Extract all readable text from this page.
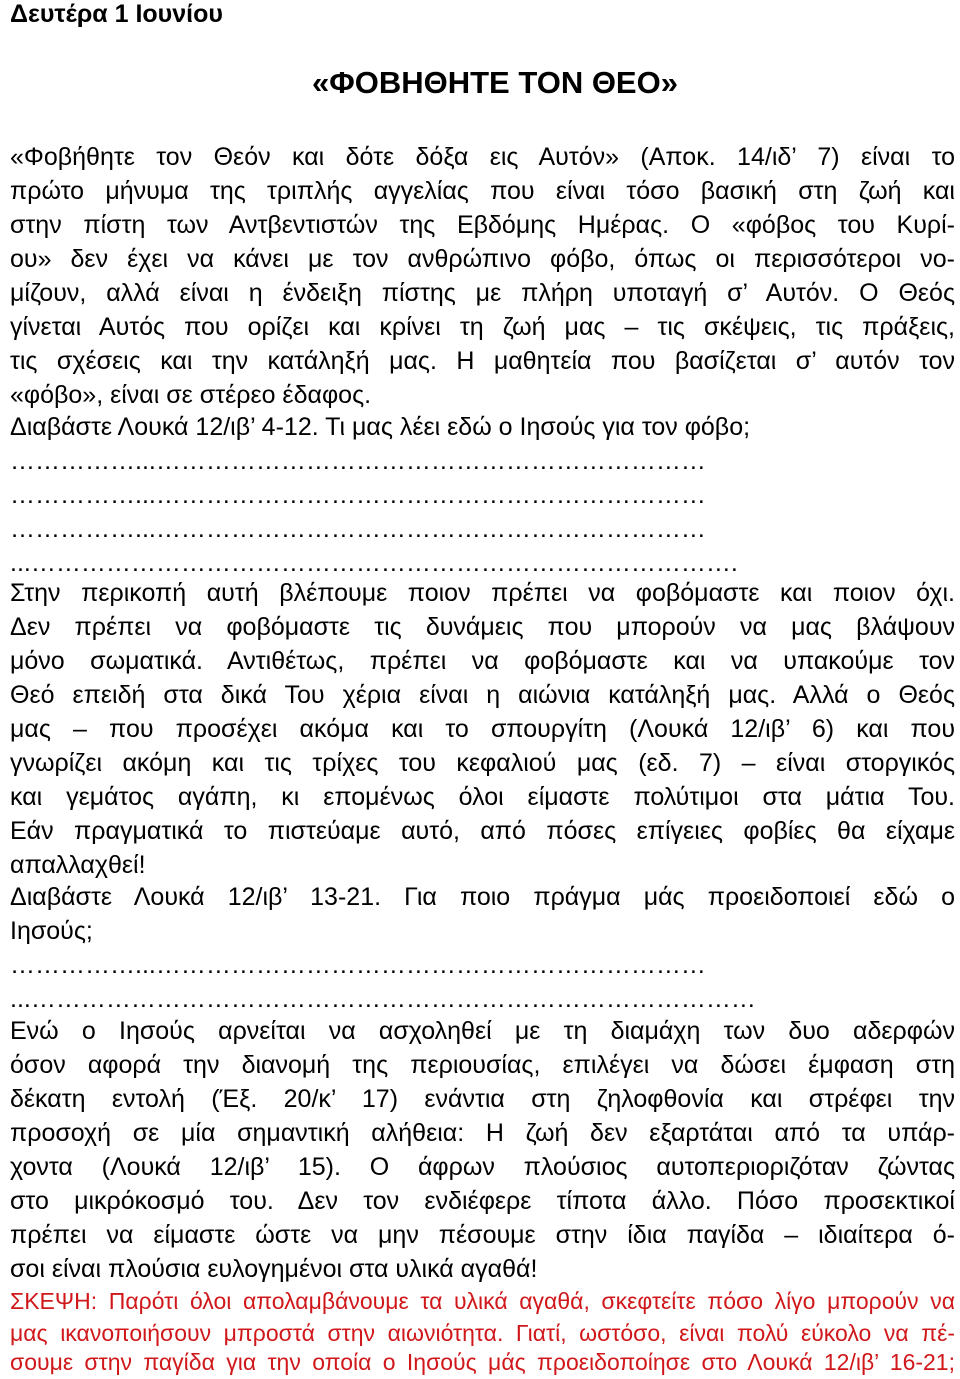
Δευτέρα 1 Ιουνίου
«ΦΟΒΗΘΗΤΕ ΤΟΝ ΘΕΟ»
«Φοβήθητε τον Θεόν και δότε δόξα εις Αυτόν» (Αποκ. 14/ιδ’ 7) είναι το
πρώτο μήνυμα της τριπλής αγγελίας που είναι τόσο βασική στη ζωή και
στην πίστη των Αντβεντιστών της Εβδόμης Ημέρας. Ο «φόβος του Κυρί-
ου» δεν έχει να κάνει με τον ανθρώπινο φόβο, όπως οι περισσότεροι νο-
μίζουν, αλλά είναι η ένδειξη πίστης με πλήρη υποταγή σ’ Αυτόν. Ο Θεός
γίνεται Αυτός που ορίζει και κρίνει τη ζωή μας – τις σκέψεις, τις πράξεις,
τις σχέσεις και την κατάληξή μας. Η μαθητεία που βασίζεται σ’ αυτόν τον
«φόβο», είναι σε στέρεο έδαφος.
Διαβάστε Λουκά 12/ιβ’ 4-12. Τι μας λέει εδώ ο Ιησούς για τον φόβο;
……………...…………………………………………………………
……………...…………………………………………………………
……………...…………………………………………………………
...………………………………………………………………………….
Στην περικοπή αυτή βλέπουμε ποιον πρέπει να φοβόμαστε και ποιον όχι.
Δεν πρέπει να φοβόμαστε τις δυνάμεις που μπορούν να μας βλάψουν
μόνο σωματικά. Αντιθέτως, πρέπει να φοβόμαστε και να υπακούμε τον
Θεό επειδή στα δικά Του χέρια είναι η αιώνια κατάληξή μας. Αλλά ο Θεός
μας – που προσέχει ακόμα και το σπουργίτη (Λουκά 12/ιβ’ 6) και που
γνωρίζει ακόμη και τις τρίχες του κεφαλιού μας (εδ. 7) – είναι στοργικός
και γεμάτος αγάπη, κι επομένως όλοι είμαστε πολύτιμοι στα μάτια Του.
Εάν πραγματικά το πιστεύαμε αυτό, από πόσες επίγειες φοβίες θα είχαμε
απαλλαχθεί!
Διαβάστε Λουκά 12/ιβ’ 13-21. Για ποιο πράγμα μάς προειδοποιεί εδώ ο
Ιησούς;
……………...…………………………………………………………
...……………………………………………………………………………
Ενώ ο Ιησούς αρνείται να ασχοληθεί με τη διαμάχη των δυο αδερφών
όσον αφορά την διανομή της περιουσίας, επιλέγει να δώσει έμφαση στη
δέκατη εντολή (Έξ. 20/κ’ 17) ενάντια στη ζηλοφθονία και στρέφει την
προσοχή σε μία σημαντική αλήθεια: Η ζωή δεν εξαρτάται από τα υπάρ-
χοντα (Λουκά 12/ιβ’ 15). Ο άφρων πλούσιος αυτοπεριοριζόταν ζώντας
στο μικρόκοσμό του. Δεν τον ενδιέφερε τίποτα άλλο. Πόσο προσεκτικοί
πρέπει να είμαστε ώστε να μην πέσουμε στην ίδια παγίδα – ιδιαίτερα ό-
σοι είναι πλούσια ευλογημένοι στα υλικά αγαθά!
ΣΚΕΨΗ: Παρότι όλοι απολαμβάνουμε τα υλικά αγαθά, σκεφτείτε πόσο λίγο μπορούν να
μας ικανοποιήσουν μπροστά στην αιωνιότητα. Γιατί, ωστόσο, είναι πολύ εύκολο να πέ-
σουμε στην παγίδα για την οποία ο Ιησούς μάς προειδοποίησε στο Λουκά 12/ιβ’ 16-21;
